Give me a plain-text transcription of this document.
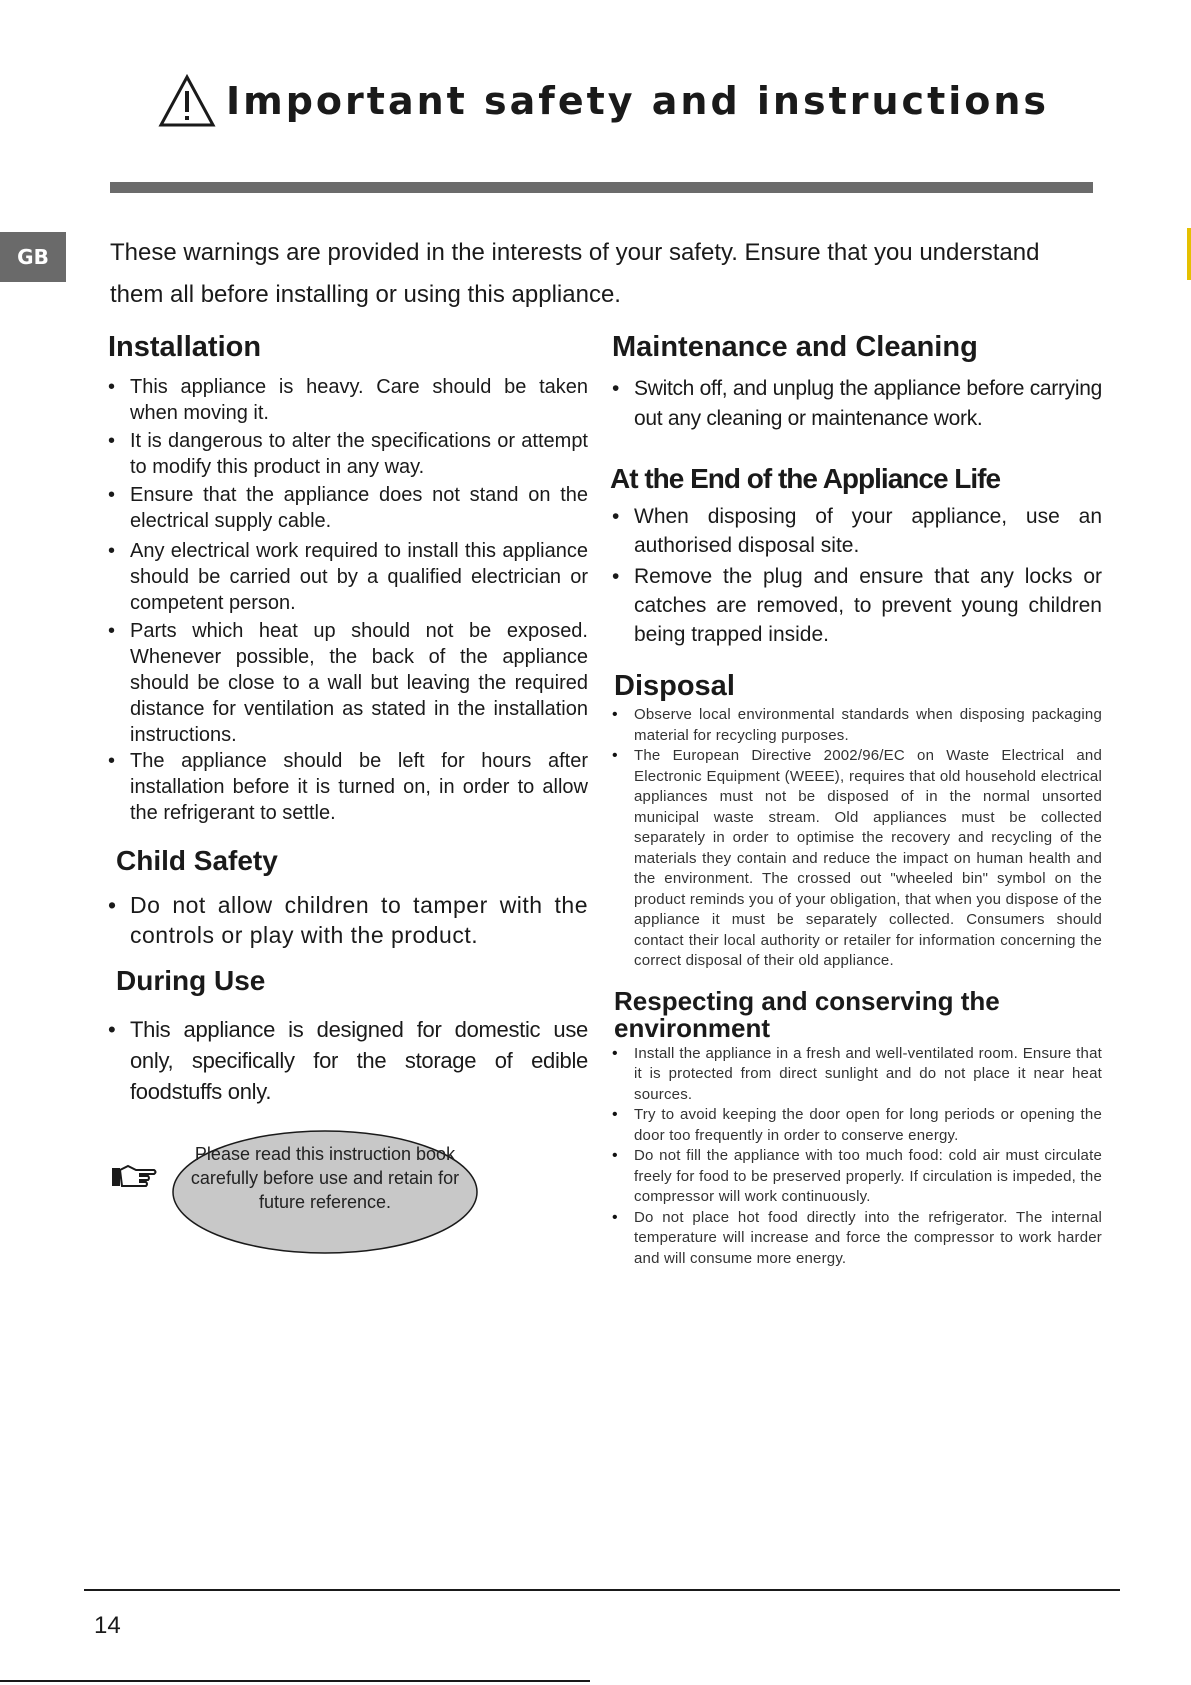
Important safety and instructions
GB	These warnings are provided in the interests of your safety. Ensure that you understand them all before installing or using this appliance.
Installation
• This appliance is heavy. Care should be taken when moving it.
• It is dangerous to alter the specifications or attempt to modify this product in any way.
• Ensure that the appliance does not stand on the electrical supply cable.
• Any electrical work required to install this appliance should be carried out by a qualified electrician or competent person.
• Parts which heat up should not be exposed. Whenever possible, the back of the appliance should be close to a wall but leaving the required distance for ventilation as stated in the installation instructions.
• The appliance should be left for hours after installation before it is turned on, in order to allow the refrigerant to settle.
Child Safety
• Do not allow children to tamper with the controls or play with the product.
During Use
• This appliance is designed for domestic use only, specifically for the storage of edible foodstuffs only.
Please read this instruction book carefully before use and retain for future reference.
Maintenance and Cleaning
• Switch off, and unplug the appliance before carrying out any cleaning or maintenance work.
At the End of the Appliance Life
• When disposing of your appliance, use an authorised disposal site.
• Remove the plug and ensure that any locks or catches are removed, to prevent young children being trapped inside.
Disposal
• Observe local environmental standards when disposing packaging material for recycling purposes.
• The European Directive 2002/96/EC on Waste Electrical and Electronic Equipment (WEEE), requires that old household electrical appliances must not be disposed of in the normal unsorted municipal waste stream. Old appliances must be collected separately in order to optimise the recovery and recycling of the materials they contain and reduce the impact on human health and the environment. The crossed out "wheeled bin" symbol on the product reminds you of your obligation, that when you dispose of the appliance it must be separately collected. Consumers should contact their local authority or retailer for information concerning the correct disposal of their old appliance.
Respecting and conserving the environment
• Install the appliance in a fresh and well-ventilated room. Ensure that it is protected from direct sunlight and do not place it near heat sources.
• Try to avoid keeping the door open for long periods or opening the door too frequently in order to conserve energy.
• Do not fill the appliance with too much food: cold air must circulate freely for food to be preserved properly. If circulation is impeded, the compressor will work continuously.
• Do not place hot food directly into the refrigerator. The internal temperature will increase and force the compressor to work harder and will consume more energy.
14
